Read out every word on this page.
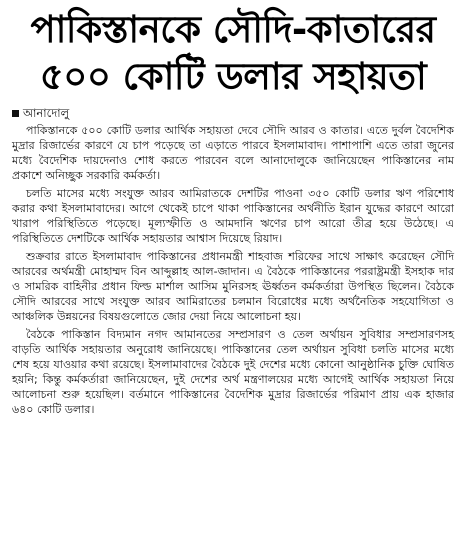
পাকিস্তানকে সৌদি-কাতারের
৫০০ কোটি ডলার সহায়তা
আনাদোলু

পাকিস্তানকে ৫০০ কোটি ডলার আর্থিক সহায়তা দেবে সৌদি আরব ও কাতার। এতে দুর্বল বৈদেশিক মুদ্রার রিজার্ভের কারণে যে চাপ পড়েছে তা এড়াতে পারবে ইসলামাবাদ। পাশাপাশি এতে তারা জুনের মধ্যে বৈদেশিক দায়দেনাও শোধ করতে পারবেন বলে আনাদোলুকে জানিয়েছেন পাকিস্তানের নাম প্রকাশে অনিচ্ছুক সরকারি কর্মকর্তা।

চলতি মাসের মধ্যে সংযুক্ত আরব আমিরাতকে দেশটির পাওনা ৩৫০ কোটি ডলার ঋণ পরিশোধ করার কথা ইসলামাবাদের। আগে থেকেই চাপে থাকা পাকিস্তানের অর্থনীতি ইরান যুদ্ধের কারণে আরো খারাপ পরিস্থিতিতে পড়েছে। মূল্যস্ফীতি ও আমদানি ঋণের চাপ আরো তীব্র হয়ে উঠেছে। এ পরিস্থিতিতে দেশটিকে আর্থিক সহায়তার আশ্বাস দিয়েছে রিয়াদ।

শুক্রবার রাতে ইসলামাবাদ পাকিস্তানের প্রধানমন্ত্রী শাহবাজ শরিফের সাথে সাক্ষাৎ করেছেন সৌদি আরবের অর্থমন্ত্রী মোহাম্মদ বিন আব্দুল্লাহ আল-জাদান। এ বৈঠকে পাকিস্তানের পররাষ্ট্রমন্ত্রী ইসহাক দার ও সামরিক বাহিনীর প্রধান ফিল্ড মার্শাল আসিম মুনিরসহ ঊর্ধ্বতন কর্মকর্তারা উপস্থিত ছিলেন। বৈঠকে সৌদি আরবের সাথে সংযুক্ত আরব আমিরাতের চলমান বিরোধের মধ্যে অর্থনৈতিক সহযোগিতা ও আঞ্চলিক উন্নয়নের বিষয়গুলোতে জোর দেয়া নিয়ে আলোচনা হয়।

বৈঠকে পাকিস্তান বিদ্যমান নগদ আমানতের সম্প্রসারণ ও তেল অর্থায়ন সুবিধার সম্প্রসারণসহ বাড়তি আর্থিক সহায়তার অনুরোধ জানিয়েছে। পাকিস্তানের তেল অর্থায়ন সুবিধা চলতি মাসের মধ্যে শেষ হয়ে যাওয়ার কথা রয়েছে। ইসলামাবাদের বৈঠকে দুই দেশের মধ্যে কোনো আনুষ্ঠানিক চুক্তি ঘোষিত হয়নি; কিন্তু কর্মকর্তারা জানিয়েছেন, দুই দেশের অর্থ মন্ত্রণালয়ের মধ্যে আগেই আর্থিক সহায়তা নিয়ে আলোচনা শুরু হয়েছিল। বর্তমানে পাকিস্তানের বৈদেশিক মুদ্রার রিজার্ভের পরিমাণ প্রায় এক হাজার ৬৪০ কোটি ডলার।
